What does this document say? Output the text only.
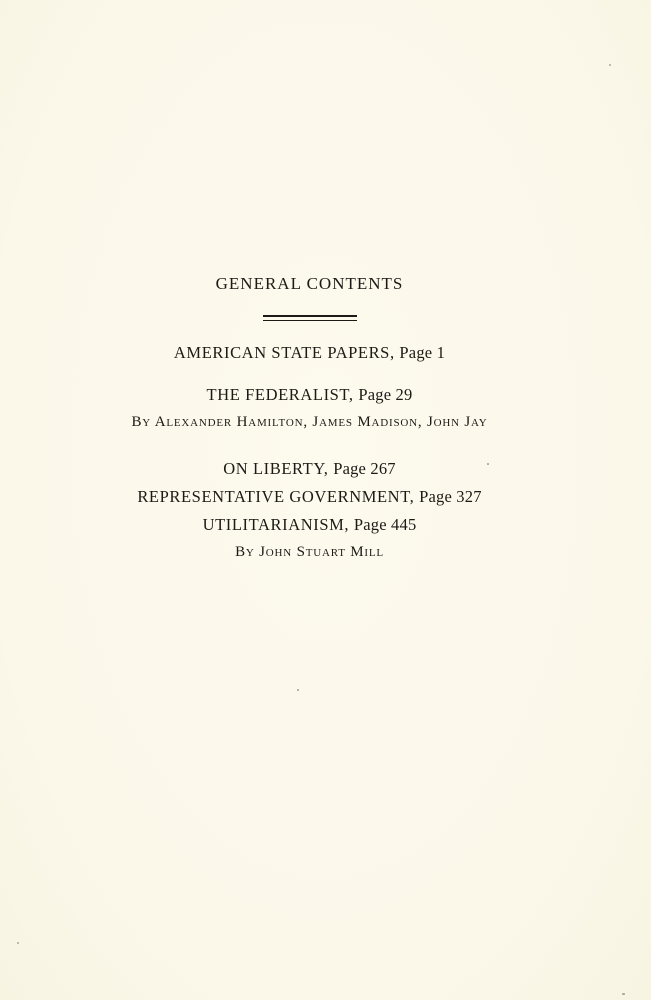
GENERAL CONTENTS
AMERICAN STATE PAPERS, Page 1
THE FEDERALIST, Page 29
By Alexander Hamilton, James Madison, John Jay
ON LIBERTY, Page 267
REPRESENTATIVE GOVERNMENT, Page 327
UTILITARIANISM, Page 445
By John Stuart Mill
